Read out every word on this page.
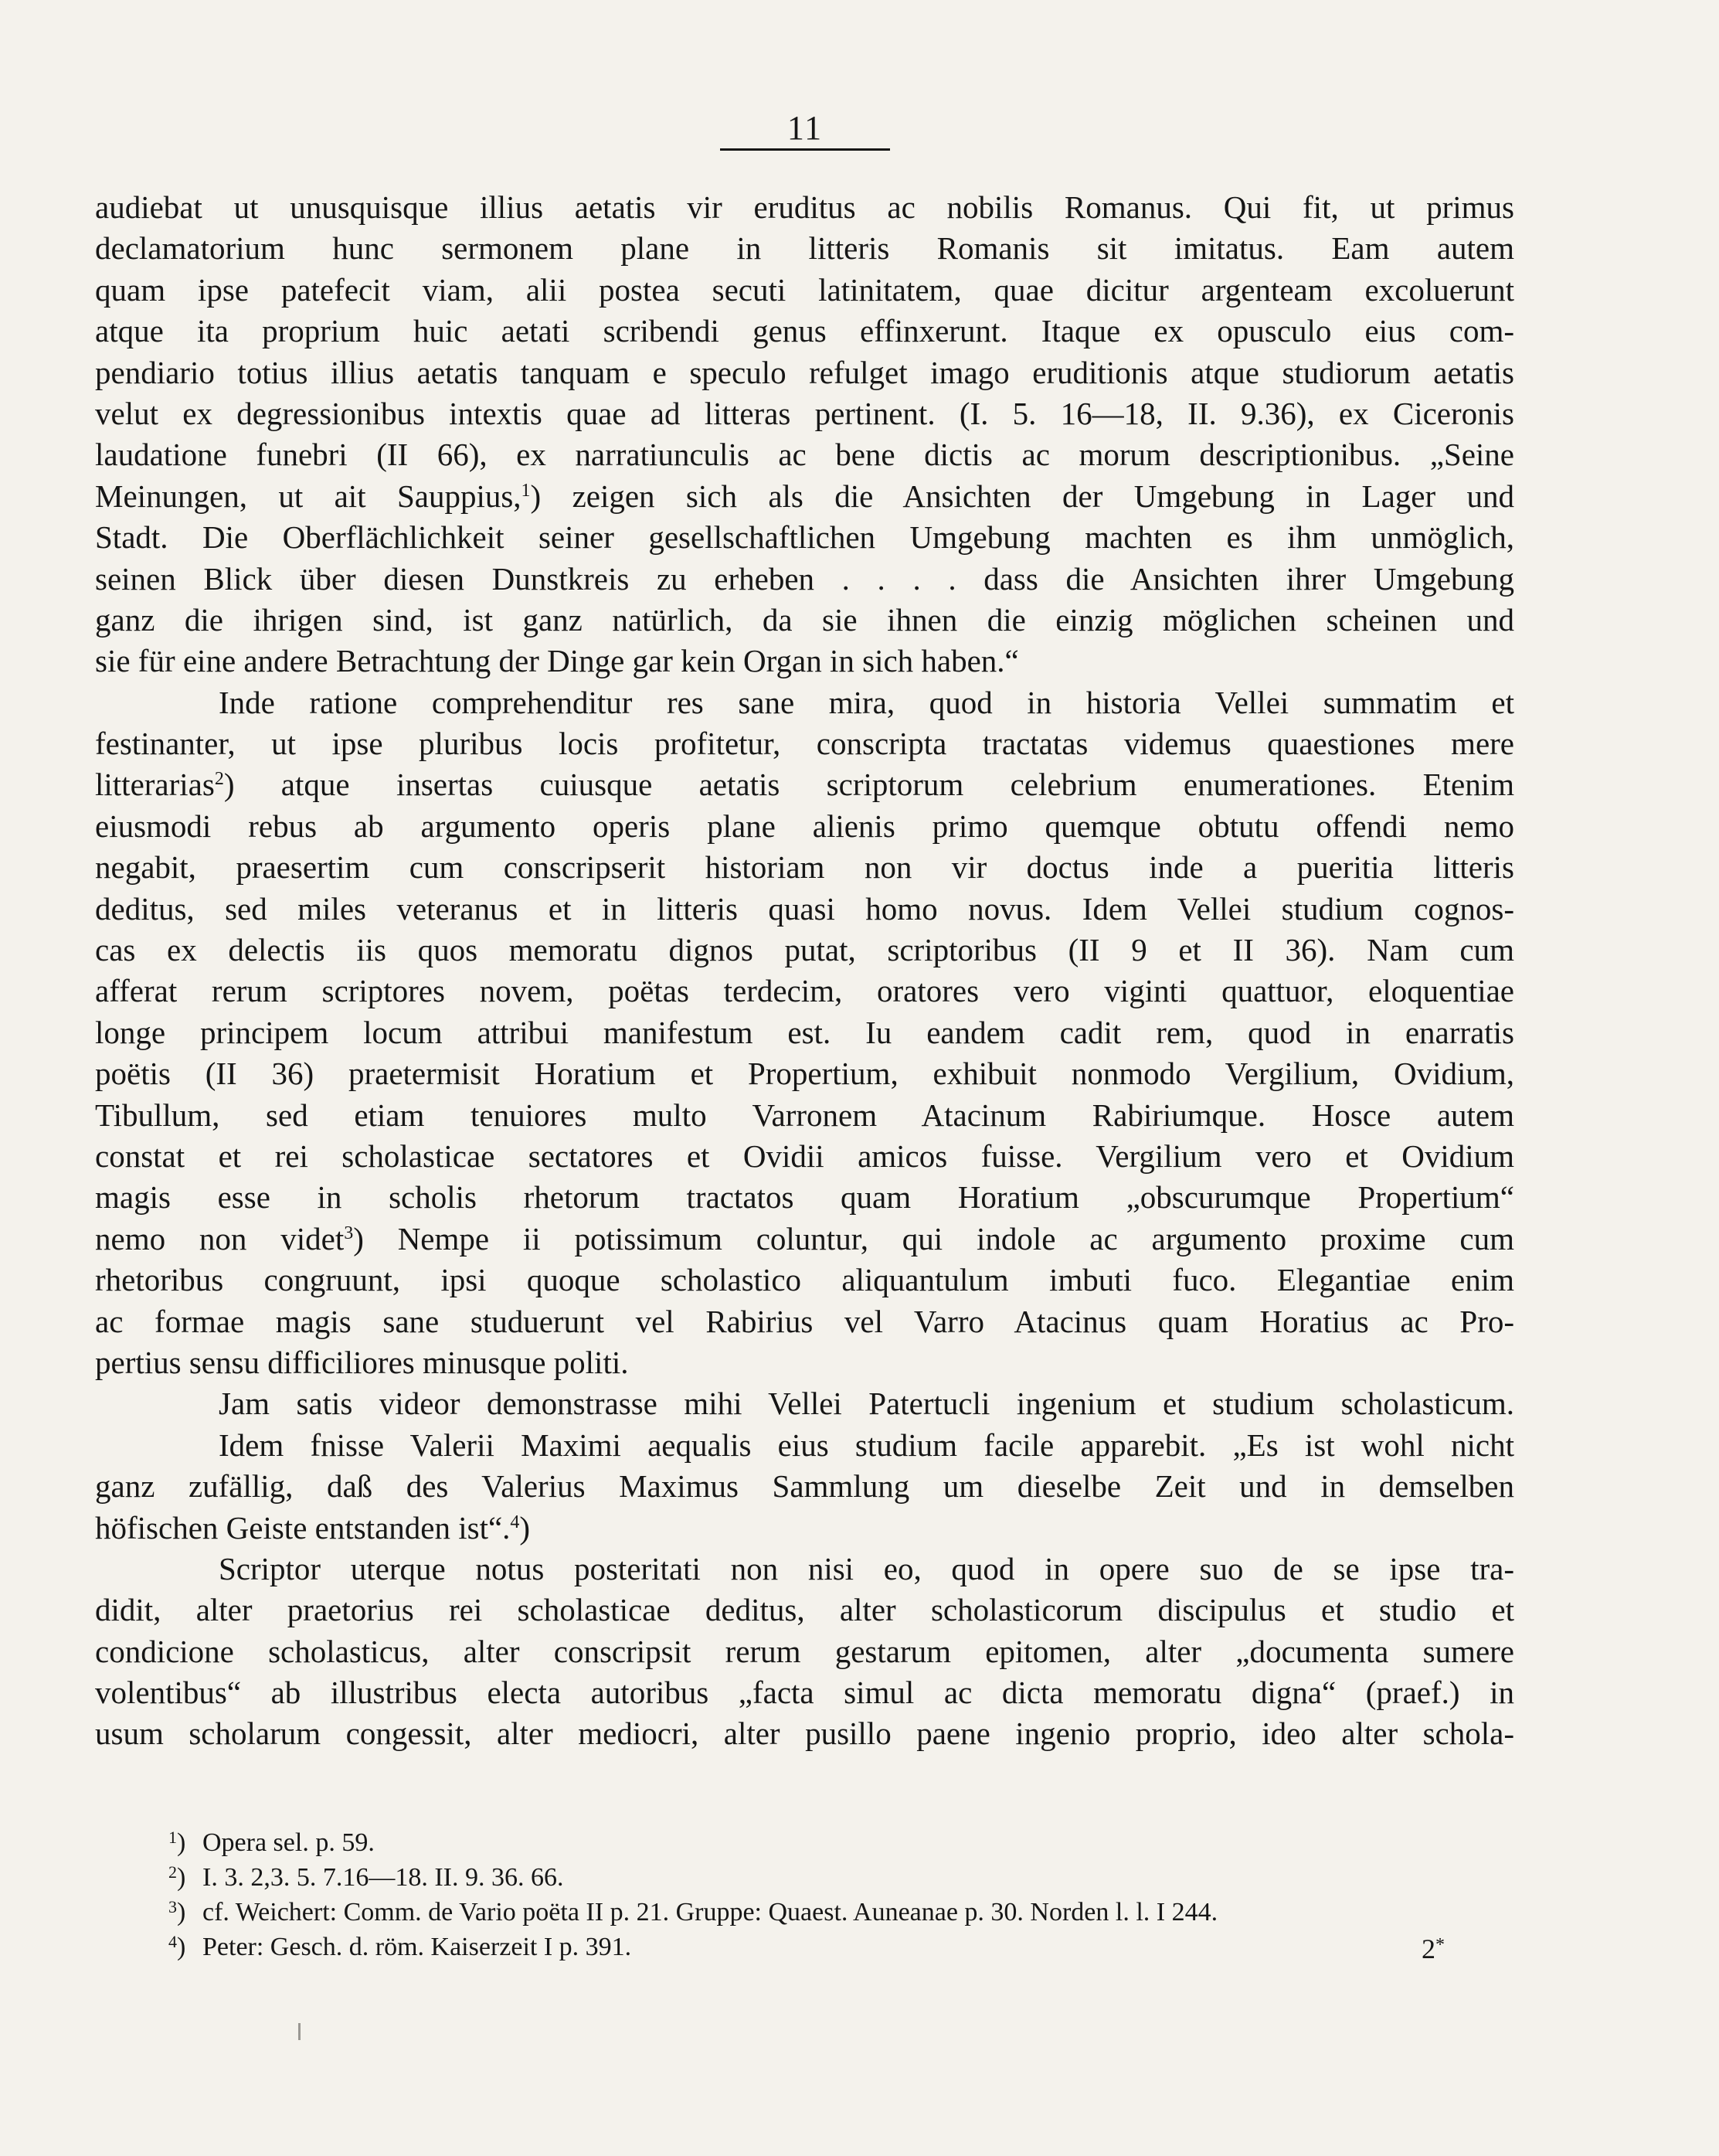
11
audiebat ut unusquisque illius aetatis vir eruditus ac nobilis Romanus. Qui fit, ut primus
declamatorium hunc sermonem plane in litteris Romanis sit imitatus. Eam autem
quam ipse patefecit viam, alii postea secuti latinitatem, quae dicitur argenteam excoluerunt
atque ita proprium huic aetati scribendi genus effinxerunt. Itaque ex opusculo eius com-
pendiario totius illius aetatis tanquam e speculo refulget imago eruditionis atque studiorum aetatis
velut ex degressionibus intextis quae ad litteras pertinent. (I. 5. 16—18, II. 9.36), ex Ciceronis
laudatione funebri (II 66), ex narratiunculis ac bene dictis ac morum descriptionibus. „Seine
Meinungen, ut ait Sauppius,$^1$) zeigen sich als die Ansichten der Umgebung in Lager und
Stadt. Die Oberflächlichkeit seiner gesellschaftlichen Umgebung machten es ihm unmöglich,
seinen Blick über diesen Dunstkreis zu erheben . . . . dass die Ansichten ihrer Umgebung
ganz die ihrigen sind, ist ganz natürlich, da sie ihnen die einzig möglichen scheinen und
sie für eine andere Betrachtung der Dinge gar kein Organ in sich haben.“
Inde ratione comprehenditur res sane mira, quod in historia Vellei summatim et
festinanter, ut ipse pluribus locis profitetur, conscripta tractatas videmus quaestiones mere
litterarias$^2$) atque insertas cuiusque aetatis scriptorum celebrium enumerationes. Etenim
eiusmodi rebus ab argumento operis plane alienis primo quemque obtutu offendi nemo
negabit, praesertim cum conscripserit historiam non vir doctus inde a pueritia litteris
deditus, sed miles veteranus et in litteris quasi homo novus. Idem Vellei studium cognos-
cas ex delectis iis quos memoratu dignos putat, scriptoribus (II 9 et II 36). Nam cum
afferat rerum scriptores novem, poëtas terdecim, oratores vero viginti quattuor, eloquentiae
longe principem locum attribui manifestum est. Iu eandem cadit rem, quod in enarratis
poëtis (II 36) praetermisit Horatium et Propertium, exhibuit nonmodo Vergilium, Ovidium,
Tibullum, sed etiam tenuiores multo Varronem Atacinum Rabiriumque. Hosce autem
constat et rei scholasticae sectatores et Ovidii amicos fuisse. Vergilium vero et Ovidium
magis esse in scholis rhetorum tractatos quam Horatium „obscurumque Propertium“
nemo non videt$^3$) Nempe ii potissimum coluntur, qui indole ac argumento proxime cum
rhetoribus congruunt, ipsi quoque scholastico aliquantulum imbuti fuco. Elegantiae enim
ac formae magis sane studuerunt vel Rabirius vel Varro Atacinus quam Horatius ac Pro-
pertius sensu difficiliores minusque politi.
Jam satis videor demonstrasse mihi Vellei Patertucli ingenium et studium scholasticum.
Idem fnisse Valerii Maximi aequalis eius studium facile apparebit. „Es ist wohl nicht
ganz zufällig, daß des Valerius Maximus Sammlung um dieselbe Zeit und in demselben
höfischen Geiste entstanden ist“.$^4$)
Scriptor uterque notus posteritati non nisi eo, quod in opere suo de se ipse tra-
didit, alter praetorius rei scholasticae deditus, alter scholasticorum discipulus et studio et
condicione scholasticus, alter conscripsit rerum gestarum epitomen, alter „documenta sumere
volentibus“ ab illustribus electa autoribus „facta simul ac dicta memoratu digna“ (praef.) in
usum scholarum congessit, alter mediocri, alter pusillo paene ingenio proprio, ideo alter schola-
$^1$) Opera sel. p. 59.
$^2$) I. 3. 2,3. 5. 7.16—18. II. 9. 36. 66.
$^3$) cf. Weichert: Comm. de Vario poëta II p. 21. Gruppe: Quaest. Auneanae p. 30. Norden l. l. I 244.
$^4$) Peter: Gesch. d. röm. Kaiserzeit I p. 391.	2*
